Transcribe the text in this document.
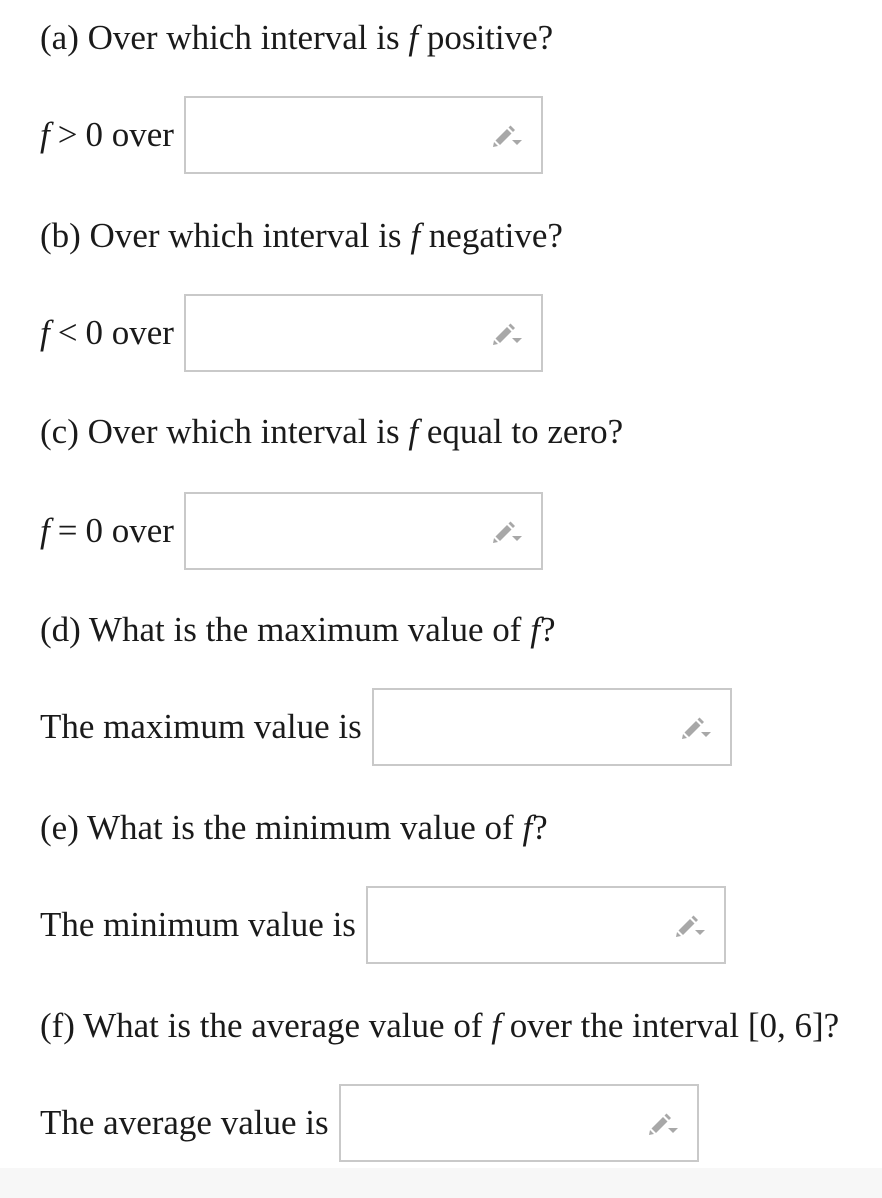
(a) Over which interval is f positive?
f > 0 over
(b) Over which interval is f negative?
f < 0 over
(c) Over which interval is f equal to zero?
f = 0 over
(d) What is the maximum value of f?
The maximum value is
(e) What is the minimum value of f?
The minimum value is
(f) What is the average value of f over the interval [0, 6]?
The average value is
